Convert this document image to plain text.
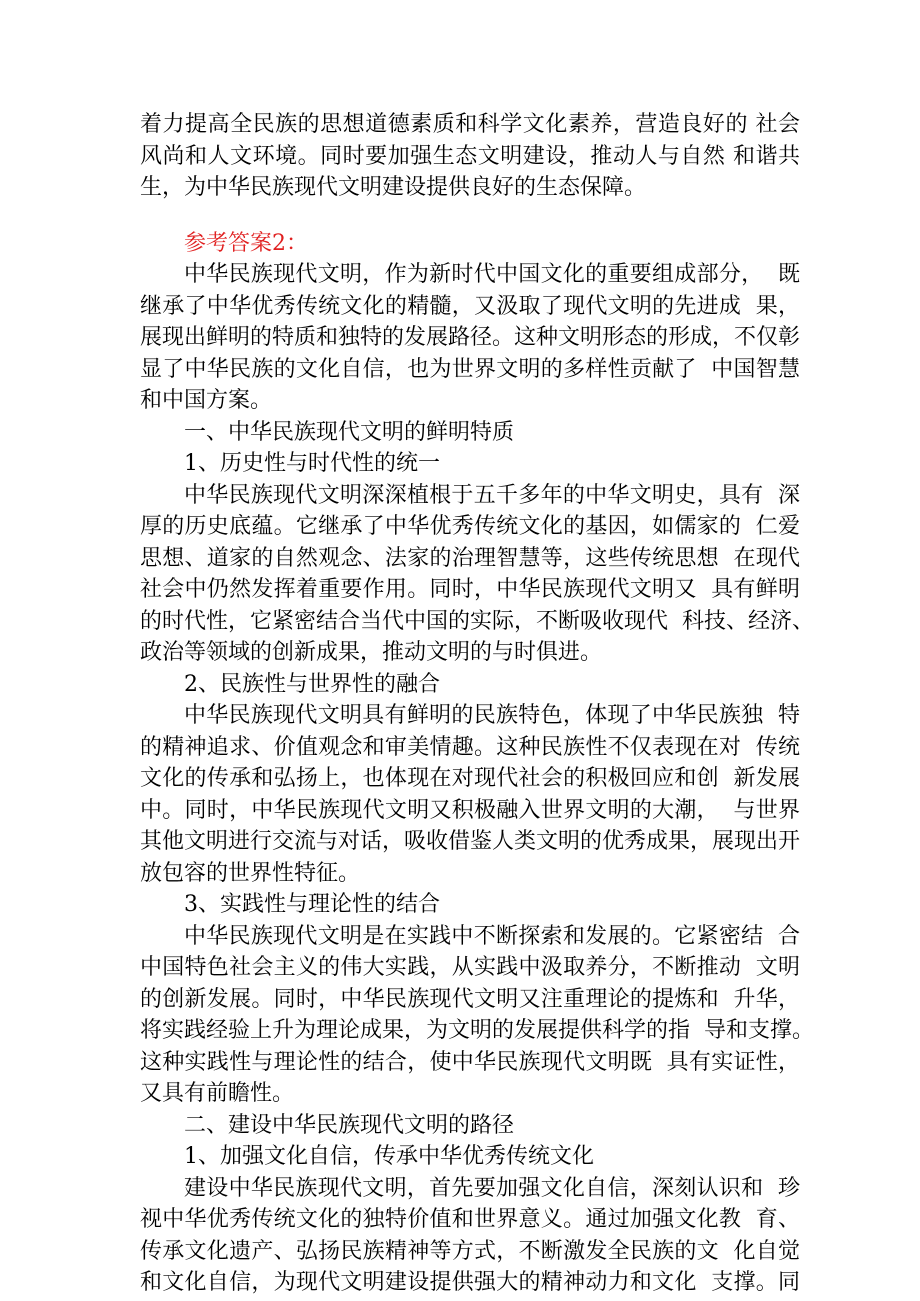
着力提高全民族的思想道德素质和科学文化素养，营造良好的 社会
风尚和人文环境。同时要加强生态文明建设，推动人与自然 和谐共
生，为中华民族现代文明建设提供良好的生态保障。
参考答案2：
中华民族现代文明，作为新时代中国文化的重要组成部分，  既
继承了中华优秀传统文化的精髓，又汲取了现代文明的先进成  果，
展现出鲜明的特质和独特的发展路径。这种文明形态的形成，不仅彰
显了中华民族的文化自信，也为世界文明的多样性贡献了  中国智慧
和中国方案。
一、中华民族现代文明的鲜明特质
1、历史性与时代性的统一
中华民族现代文明深深植根于五千多年的中华文明史，具有  深
厚的历史底蕴。它继承了中华优秀传统文化的基因，如儒家的  仁爱
思想、道家的自然观念、法家的治理智慧等，这些传统思想  在现代
社会中仍然发挥着重要作用。同时，中华民族现代文明又  具有鲜明
的时代性，它紧密结合当代中国的实际，不断吸收现代  科技、经济、
政治等领域的创新成果，推动文明的与时俱进。
2、民族性与世界性的融合
中华民族现代文明具有鲜明的民族特色，体现了中华民族独  特
的精神追求、价值观念和审美情趣。这种民族性不仅表现在对  传统
文化的传承和弘扬上，也体现在对现代社会的积极回应和创  新发展
中。同时，中华民族现代文明又积极融入世界文明的大潮，  与世界
其他文明进行交流与对话，吸收借鉴人类文明的优秀成果，展现出开
放包容的世界性特征。
3、实践性与理论性的结合
中华民族现代文明是在实践中不断探索和发展的。它紧密结  合
中国特色社会主义的伟大实践，从实践中汲取养分，不断推动  文明
的创新发展。同时，中华民族现代文明又注重理论的提炼和  升华，
将实践经验上升为理论成果，为文明的发展提供科学的指  导和支撑。
这种实践性与理论性的结合，使中华民族现代文明既  具有实证性，
又具有前瞻性。
二、建设中华民族现代文明的路径
1、加强文化自信，传承中华优秀传统文化
建设中华民族现代文明，首先要加强文化自信，深刻认识和  珍
视中华优秀传统文化的独特价值和世界意义。通过加强文化教  育、
传承文化遗产、弘扬民族精神等方式，不断激发全民族的文  化自觉
和文化自信，为现代文明建设提供强大的精神动力和文化  支撑。同
